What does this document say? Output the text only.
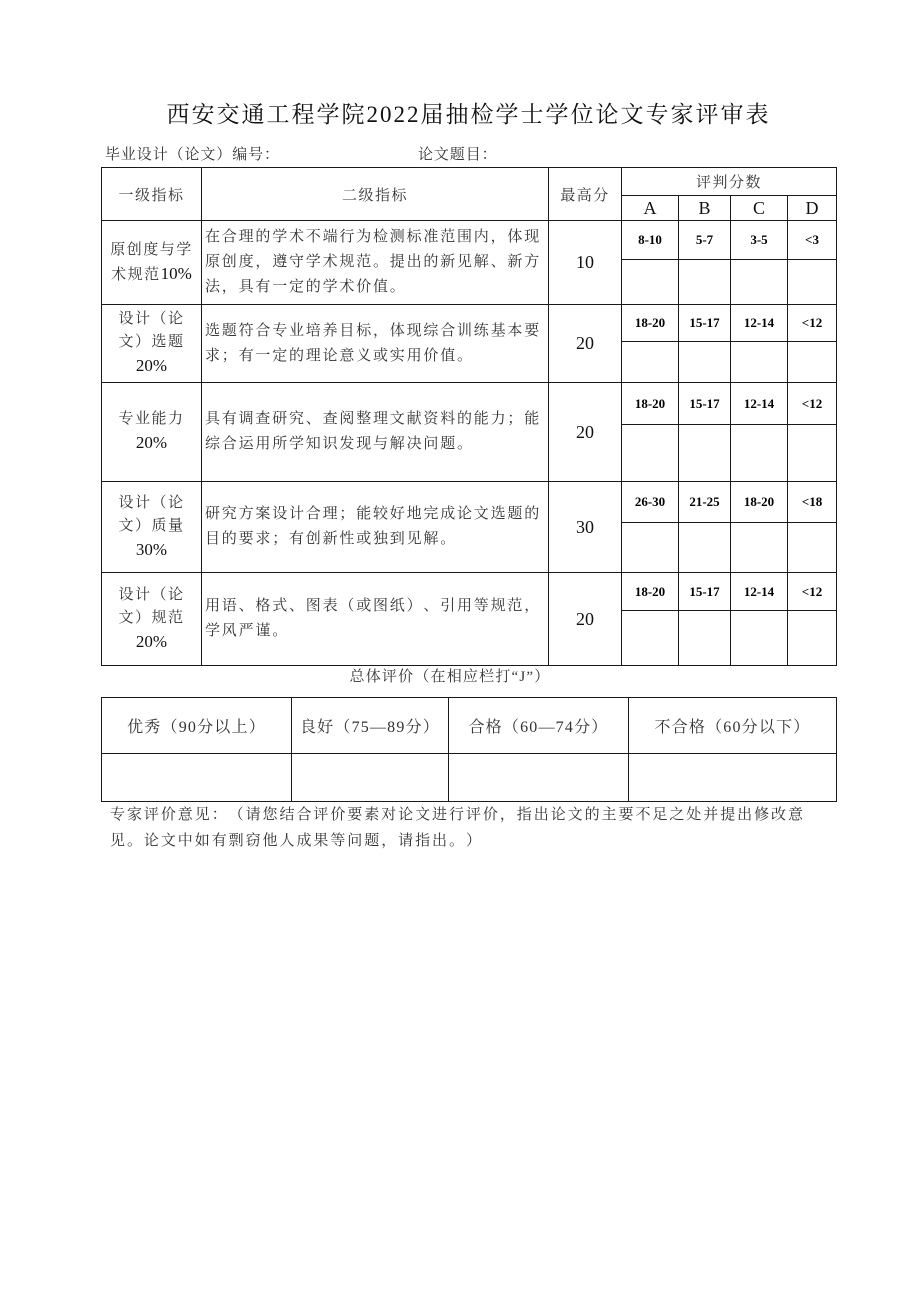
西安交通工程学院2022届抽检学士学位论文专家评审表
毕业设计（论文）编号：	论文题目：
一级指标	二级指标	最高分	评判分数			
			A	B	C	D
原创度与学术规范10%	在合理的学术不端行为检测标准范围内，体现原创度，遵守学术规范。提出的新见解、新方法，具有一定的学术价值。	10	8-10	5-7	3-5	<3

设计（论文）选题20%	选题符合专业培养目标，体现综合训练基本要求；有一定的理论意义或实用价值。	20	18-20	15-17	12-14	<12

专业能力20%	具有调查研究、查阅整理文献资料的能力；能综合运用所学知识发现与解决问题。	20	18-20	15-17	12-14	<12

设计（论文）质量30%	研究方案设计合理；能较好地完成论文选题的目的要求；有创新性或独到见解。	30	26-30	21-25	18-20	<18

设计（论文）规范20%	用语、格式、图表（或图纸）、引用等规范，学风严谨。	20	18-20	15-17	12-14	<12

总体评价（在相应栏打“J”）
优秀（90分以上）	良好（75—89分）	合格（60—74分）	不合格（60分以下）

专家评价意见：（请您结合评价要素对论文进行评价，指出论文的主要不足之处并提出修改意见。论文中如有剽窃他人成果等问题，请指出。）
